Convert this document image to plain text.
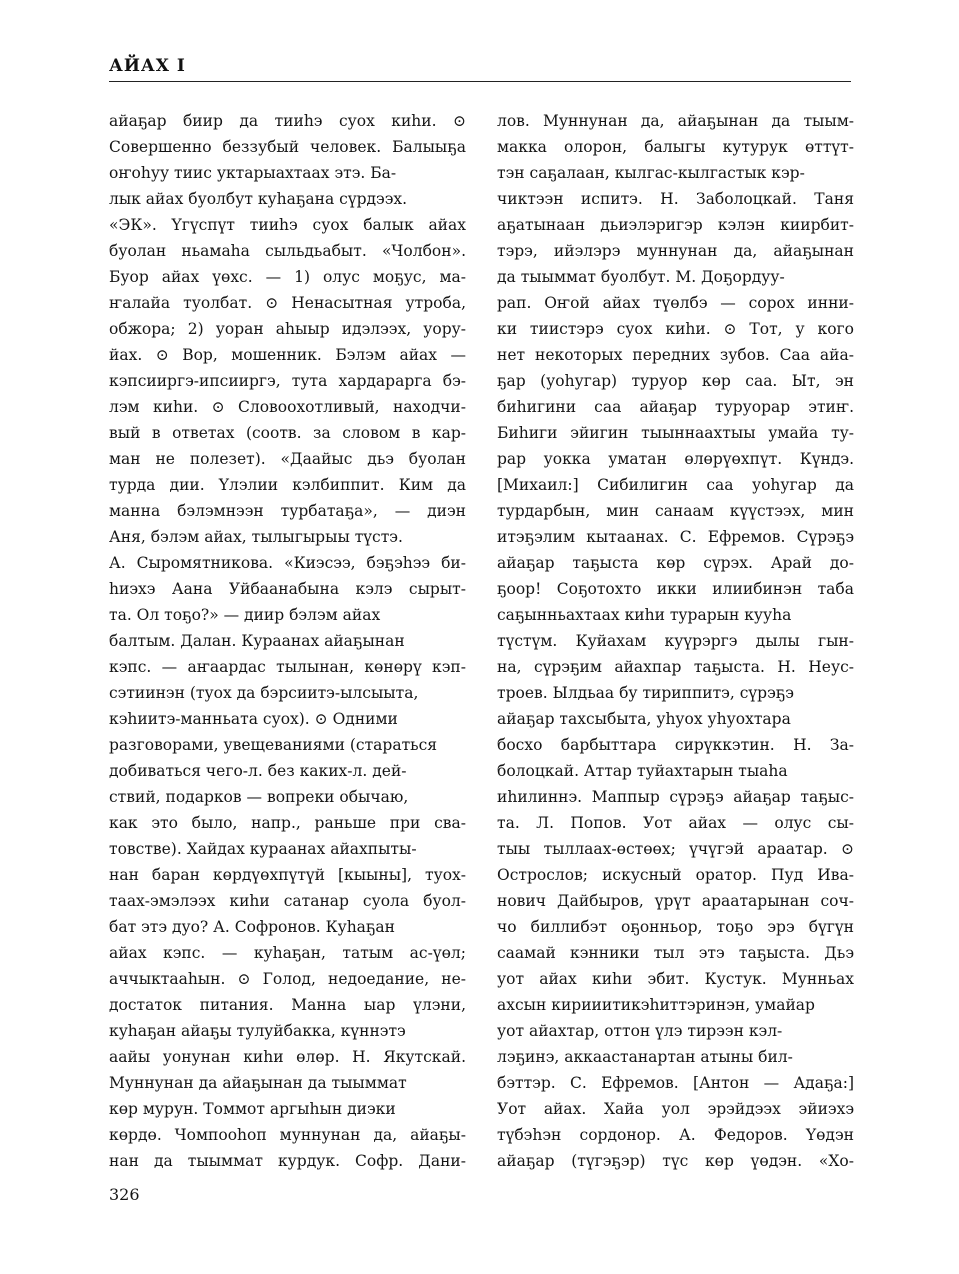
АЙАХ I
айаҕар биир да тииһэ суох киһи. ⊙
Совершенно беззубый человек. Балыыҕа
оҥоһуу тиис уктарыахтаах этэ. Ба-
лык айах буолбут куһаҕана сүрдээх.
«ЭК». Үгүспүт тииһэ суох балык айах
буолан ньамаһа сыльдьабыт. «Чолбон».
Буор айах үөхс. — 1) олус моҕус, ма-
ҥалайа туолбат. ⊙ Ненасытная утроба,
обжора; 2) уоран аһыыр идэлээх, уору-
йах. ⊙ Вор, мошенник. Бэлэм айах —
кэпсииргэ-ипсииргэ, тута хардарарга бэ-
лэм киһи. ⊙ Словоохотливый, находчи-
вый в ответах (соотв. за словом в кар-
ман не полезет). «Даайыс дьэ буолан
турда дии. Үлэлии кэлбиппит. Ким да
манна бэлэмнээн турбатаҕа», — диэн
Аня, бэлэм айах, тылыгырыы түстэ.
А. Сыромятникова. «Киэсээ, бэҕэһээ би-
һиэхэ Аана Уйбаанабына кэлэ сырыт-
та. Ол тоҕо?» — диир бэлэм айах
балтым. Далан. Кураанах айаҕынан
кэпс. — аҥаардас тылынан, көнөрү кэп-
сэтиинэн (туох да бэрсиитэ-ылсыыта,
кэһиитэ-манньата суох). ⊙ Одними
разговорами, увещеваниями (стараться
добиваться чего-л. без каких-л. дей-
ствий, подарков — вопреки обычаю,
как это было, напр., раньше при сва-
товстве). Хайдах кураанах айахпыты-
нан баран көрдүөхпүтүй [кыыны], туох-
таах-эмэлээх киһи сатанар суола буол-
бат этэ дуо? А. Софронов. Куһаҕан
айах кэпс. — куһаҕан, татым ас-үөл;
аччыктааһын. ⊙ Голод, недоедание, не-
достаток питания. Манна ыар үлэни,
куһаҕан айаҕы тулуйбакка, күннэтэ
аайы уонунан киһи өлөр. Н. Якутскай.
Муннунан да айаҕынан да тыыммат
көр мурун. Томмот аргыһын диэки
көрдө. Чомпооһоп муннунан да, айаҕы-
нан да тыыммат курдук. Софр. Дани-
лов. Муннунан да, айаҕынан да тыым-
макка олорон, балыгы кутурук өттүт-
тэн саҕалаан, кылгас-кылгастык кэр-
чиктээн испитэ. Н. Заболоцкай. Таня
аҕатынаан дьиэлэригэр кэлэн киирбит-
тэрэ, ийэлэрэ муннунан да, айаҕынан
да тыыммат буолбут. М. Доҕордуу-
рап. Оҥой айах түөлбэ — сорох инни-
ки тиистэрэ суох киһи. ⊙ Тот, у кого
нет некоторых передних зубов. Саа айа-
ҕар (уоһугар) туруор көр саа. Ыт, эн
биһигини саа айаҕар туруорар этиҥ.
Биһиги эйигин тыыннаахтыы умайа ту-
рар уокка уматан өлөрүөхпүт. Күндэ.
[Михаил:] Сибилигин саа уоһугар да
турдарбын, мин санаам күүстээх, мин
итэҕэлим кытаанах. С. Ефремов. Сүрэҕэ
айаҕар таҕыста көр сүрэх. Арай до-
ҕоор! Соҕотохто икки илиибинэн таба
саҕынньахтаах киһи турарын кууһа
түстүм. Куйахам куүрэргэ дылы гын-
на, сүрэҕим айахпар таҕыста. Н. Неус-
троев. Ылдьаа бу тириппитэ, сүрэҕэ
айаҕар тахсыбыта, уһуох уһуохтара
босхо барбыттара сирүккэтин. Н. За-
болоцкай. Аттар туйахтарын тыаһа
иһилиннэ. Маппыр сүрэҕэ айаҕар таҕыс-
та. Л. Попов. Уот айах — олус сы-
тыы тыллаах-өстөөх; үчүгэй араатар. ⊙
Острослов; искусный оратор. Пуд Ива-
нович Дайбыров, үрүт араатарынан соч-
чо биллибэт оҕонньор, тоҕо эрэ бүгүн
саамай кэнники тыл этэ таҕыста. Дьэ
уот айах киһи эбит. Кустук. Мунньах
ахсын кирииитикэһиттэринэн, умайар
уот айахтар, оттон үлэ тирээн кэл-
лэҕинэ, аккаастанартан атыны бил-
бэттэр. С. Ефремов. [Антон — Адаҕа:]
Уот айах. Хайа уол эрэйдээх эйиэхэ
түбэһэн сордонор. А. Федоров. Үөдэн
айаҕар (түгэҕэр) түс көр үөдэн. «Хо-
326
